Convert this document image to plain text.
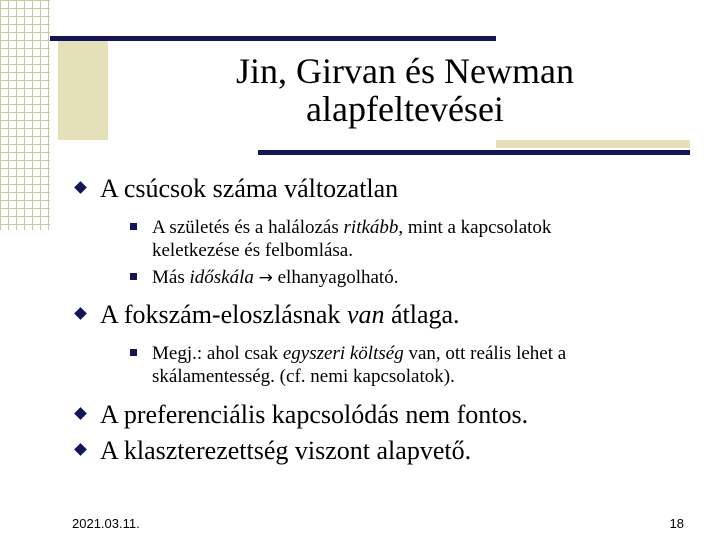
Jin, Girvan és Newman
alapfeltevései
A csúcsok száma változatlan
A születés és a halálozás ritkább, mint a kapcsolatok
keletkezése és felbomlása.
Más időskála → elhanyagolható.
A fokszám-eloszlásnak van átlaga.
Megj.: ahol csak egyszeri költség van, ott reális lehet a
skálamentesség. (cf. nemi kapcsolatok).
A preferenciális kapcsolódás nem fontos.
A klaszterezettség viszont alapvető.
2021.03.11.	18
